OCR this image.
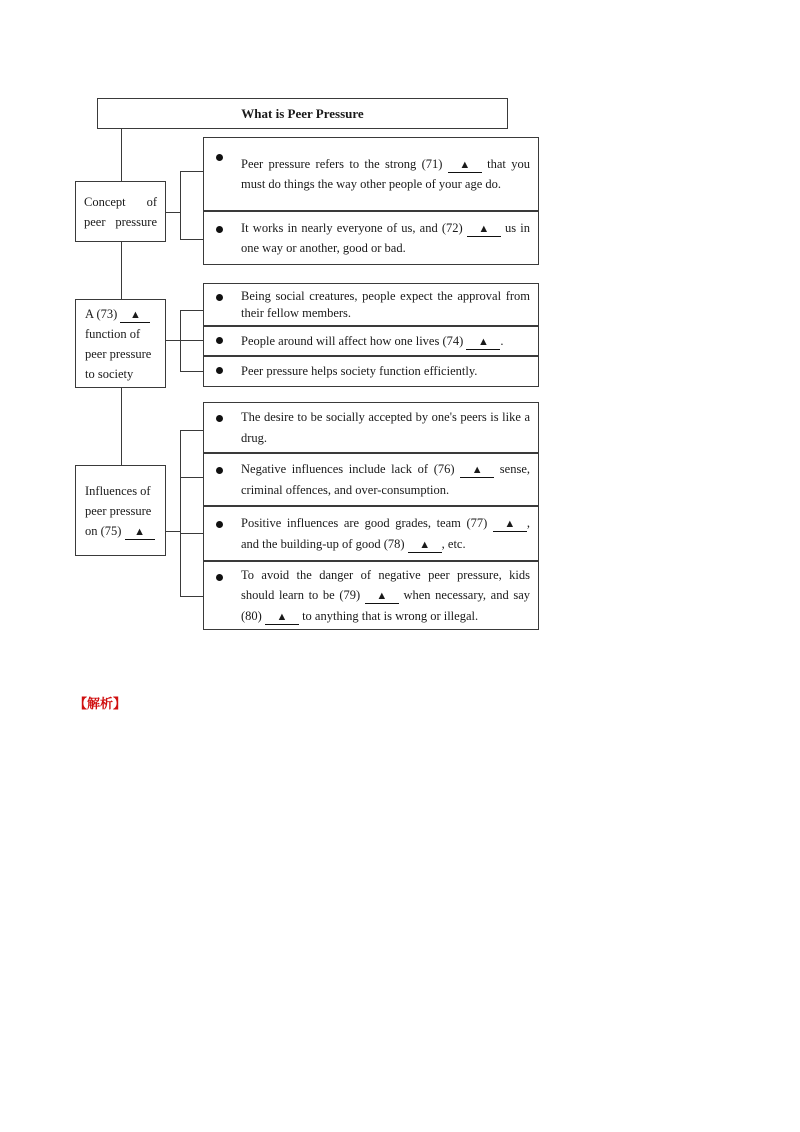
What is Peer Pressure
Concept of peer pressure
A (73) ▲ function of peer pressure to society
Influences of peer pressure on (75) ▲
Peer pressure refers to the strong (71) ▲ that you must do things the way other people of your age do.
It works in nearly everyone of us, and (72) ▲ us in one way or another, good or bad.
Being social creatures, people expect the approval from their fellow members.
People around will affect how one lives (74) ▲ .
Peer pressure helps society function efficiently.
The desire to be socially accepted by one's peers is like a drug.
Negative influences include lack of (76) ▲ sense, criminal offences, and over-consumption.
Positive influences are good grades, team (77) ▲ , and the building-up of good (78) ▲ , etc.
To avoid the danger of negative peer pressure, kids should learn to be (79) ▲ when necessary, and say (80) ▲ to anything that is wrong or illegal.
【解析】
